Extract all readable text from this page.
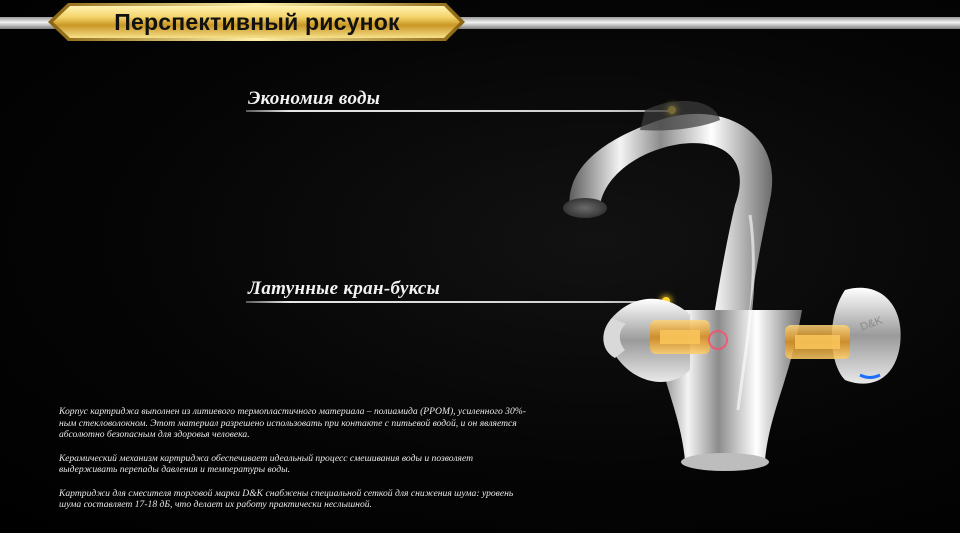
Перспективный рисунок
Экономия воды
Латунные кран-буксы
D&K

Корпус картриджа выполнен из литиевого термопластичного материала – полиамида (PPOM), усиленного 30%-ным стекловолокном. Этот материал разрешено использовать при контакте с питьевой водой, и он является абсолютно безопасным для здоровья человека.

Керамический механизм картриджа обеспечивает идеальный процесс смешивания воды и позволяет выдерживать перепады давления и температуры воды.

Картриджи для смесителя торговой марки D&K снабжены специальной сеткой для снижения шума: уровень шума составляет 17-18 дБ, что делает их работу практически неслышной.
